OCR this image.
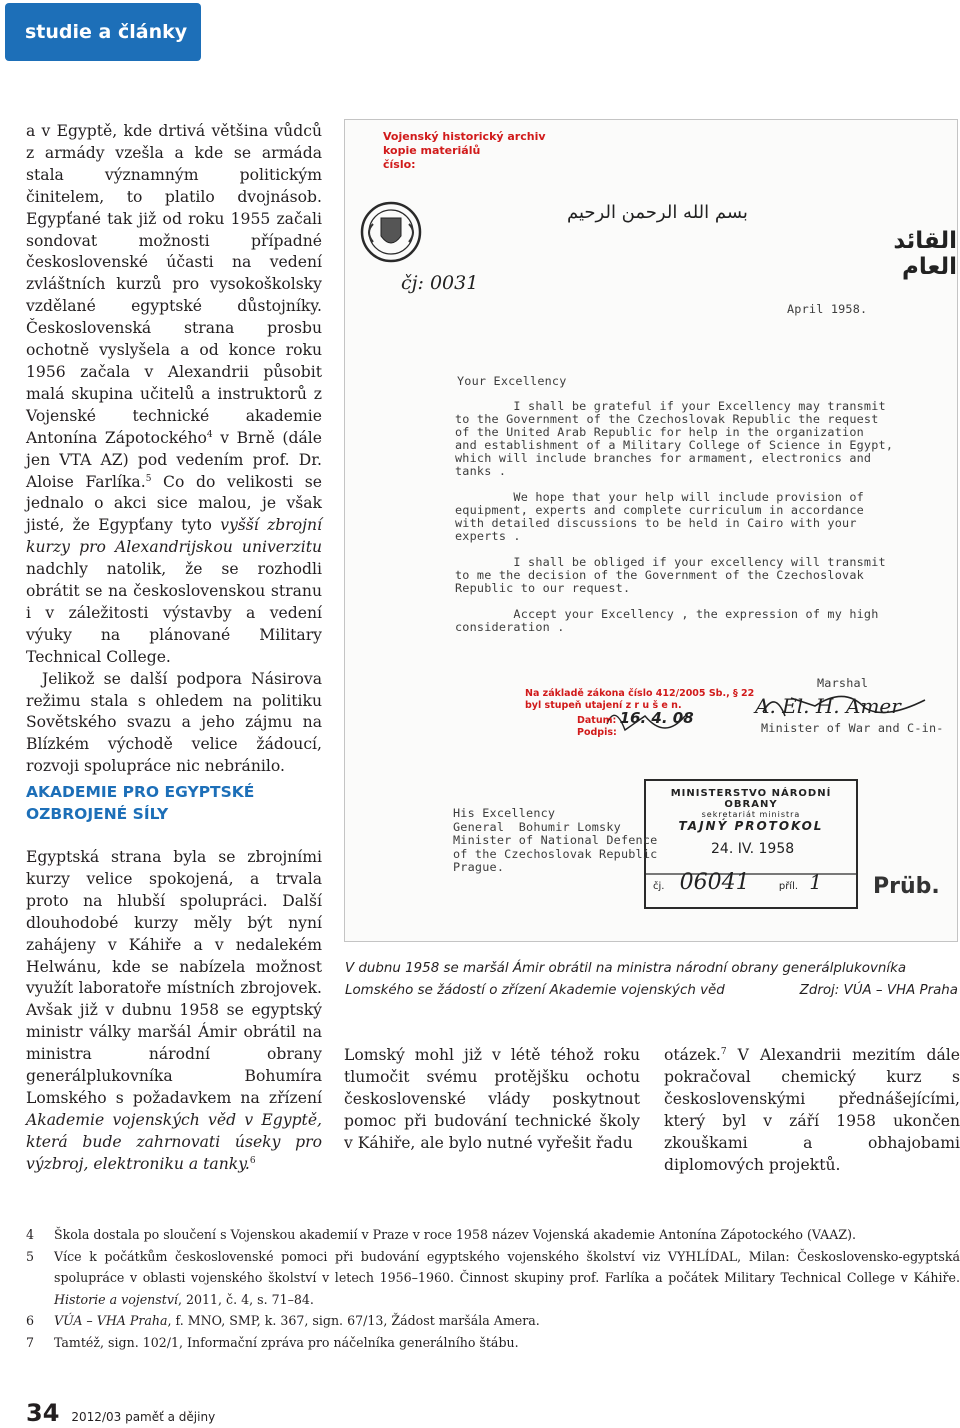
studie a články

a v Egyptě, kde drtivá většina vůdců z armády vzešla a kde se armáda stala významným politickým činitelem, to platilo dvojnásob. Egypťané tak již od roku 1955 začali sondovat možnosti případné československé účasti na vedení zvláštních kurzů pro vysokoškolsky vzdělané egyptské důstojníky. Československá strana prosbu ochotně vyslyšela a od konce roku 1956 začala v Alexandrii působit malá skupina učitelů a instruktorů z Vojenské technické akademie Antonína Zápotockého$^4$ v Brně (dále jen VTA AZ) pod vedením prof. Dr. Aloise Farlíka.$^5$ Co do velikosti se jednalo o akci sice malou, je však jisté, že Egypťany tyto vyšší zbrojní kurzy pro Alexandrijskou univerzitu nadchly natolik, že se rozhodli obrátit se na československou stranu i v záležitosti výstavby a vedení výuky na plánované Military Technical College.

Jelikož se další podpora Násirova režimu stala s ohledem na politiku Sovětského svazu a jeho zájmu na Blízkém východě velice žádoucí, rozvoji spolupráce nic nebránilo.

AKADEMIE PRO EGYPTSKÉ
OZBROJENÉ SÍLY

Egyptská strana byla se zbrojními kurzy velice spokojená, a trvala proto na hlubší spolupráci. Další dlouhodobé kurzy měly být nyní zahájeny v Káhiře a v nedalekém Helwánu, kde se nabízela možnost využít laboratoře místních zbrojovek. Avšak již v dubnu 1958 se egyptský ministr války maršál Ámir obrátil na ministra národní obrany generálplukovníka Bohumíra Lomského s požadavkem na zřízení Akademie vojenských věd v Egyptě, která bude zahrnovati úseky pro výzbroj, elektroniku a tanky.$^6$

Vojenský historický archiv
kopie materiálů
číslo:
čj: 0031
بسم الله الرحمن الرحيم
القائد العام
April 1958.
Your Excellency
I shall be grateful if your Excellency may transmit
to the Government of the Czechoslovak Republic the request
of the United Arab Republic for help in the organization
and establishment of a Military College of Science in Egypt,
which will include branches for armament, electronics and
tanks .
We hope that your help will include provision of
equipment, experts and complete curriculum in accordance
with detailed discussions to be held in Cairo with your
experts .
I shall be obliged if your excellency will transmit
to me the decision of the Government of the Czechoslovak
Republic to our request.
Accept your Excellency , the expression of my high
consideration .
Na základě zákona číslo 412/2005 Sb., § 22
byl stupeň utajení z r u š e n.
Datum: 16. 4. 08
Podpis:
Marshal
A. El. H. Amer
Minister of War and C-in-
His Excellency
General  Bohumir Lomsky
Minister of National Defence
of the Czechoslovak Republic
Prague.
MINISTERSTVO NÁRODNÍ OBRANY
sekretariát ministra
TAJNÝ PROTOKOL
24. IV. 1958
čj. 06041	příl. 1 Prüb.
V dubnu 1958 se maršál Ámir obrátil na ministra národní obrany generálplukovníka Lomského se žádostí o zřízení Akademie vojenských věd	Zdroj: VÚA – VHA Praha

Lomský mohl již v létě téhož roku tlumočit svému protějšku ochotu československé vlády poskytnout pomoc při budování technické školy v Káhiře, ale bylo nutné vyřešit řadu

otázek.$^7$ V Alexandrii mezitím dále pokračoval chemický kurz s československými přednášejícími, který byl v září 1958 ukončen zkouškami a obhajobami diplomových projektů.

4	Škola dostala po sloučení s Vojenskou akademií v Praze v roce 1958 název Vojenská akademie Antonína Zápotockého (VAAZ).
5	Více k počátkům československé pomoci při budování egyptského vojenského školství viz VYHLÍDAL, Milan: Československo-egyptská spolupráce v oblasti vojenského školství v letech 1956–1960. Činnost skupiny prof. Farlíka a počátek Military Technical College v Káhiře. Historie a vojenství, 2011, č. 4, s. 71–84.
6	VÚA – VHA Praha, f. MNO, SMP, k. 367, sign. 67/13, Žádost maršála Amera.
7	Tamtéž, sign. 102/1, Informační zpráva pro náčelníka generálního štábu.
34 2012/03 paměť a dějiny
